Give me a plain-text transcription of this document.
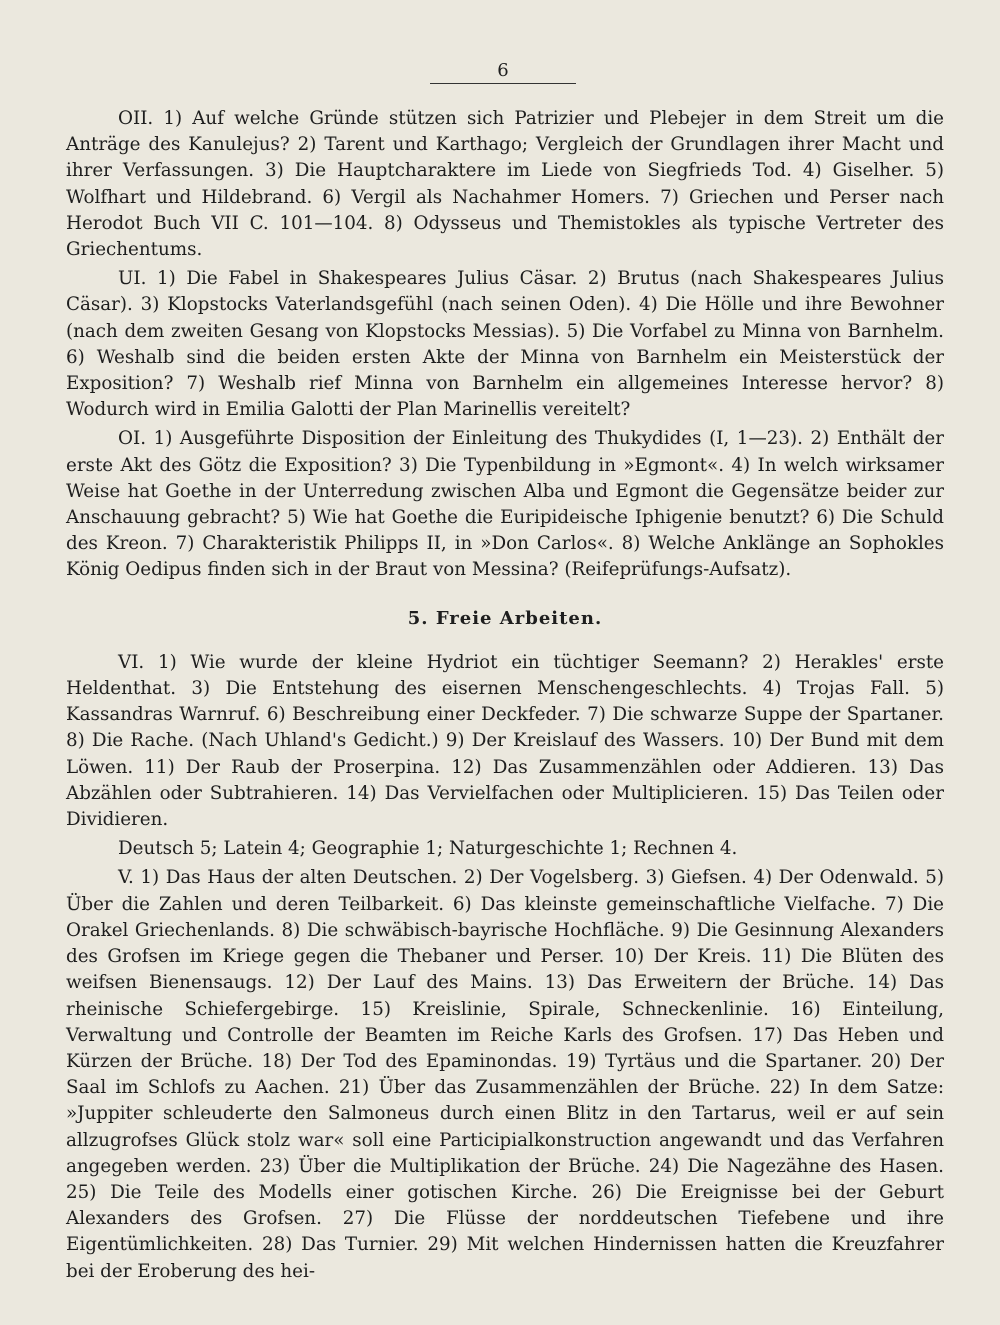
6

OII. 1) Auf welche Gründe stützen sich Patrizier und Plebejer in dem Streit um die Anträge des Kanulejus? 2) Tarent und Karthago; Vergleich der Grundlagen ihrer Macht und ihrer Verfassungen. 3) Die Hauptcharaktere im Liede von Siegfrieds Tod. 4) Giselher. 5) Wolfhart und Hildebrand. 6) Vergil als Nachahmer Homers. 7) Griechen und Perser nach Herodot Buch VII C. 101—104. 8) Odysseus und Themistokles als typische Vertreter des Griechentums.

UI. 1) Die Fabel in Shakespeares Julius Cäsar. 2) Brutus (nach Shakespeares Julius Cäsar). 3) Klopstocks Vaterlandsgefühl (nach seinen Oden). 4) Die Hölle und ihre Bewohner (nach dem zweiten Gesang von Klopstocks Messias). 5) Die Vorfabel zu Minna von Barnhelm. 6) Weshalb sind die beiden ersten Akte der Minna von Barnhelm ein Meisterstück der Exposition? 7) Weshalb rief Minna von Barnhelm ein allgemeines Interesse hervor? 8) Wodurch wird in Emilia Galotti der Plan Marinellis vereitelt?

OI. 1) Ausgeführte Disposition der Einleitung des Thukydides (I, 1—23). 2) Enthält der erste Akt des Götz die Exposition? 3) Die Typenbildung in »Egmont«. 4) In welch wirksamer Weise hat Goethe in der Unterredung zwischen Alba und Egmont die Gegensätze beider zur Anschauung gebracht? 5) Wie hat Goethe die Euripideische Iphigenie benutzt? 6) Die Schuld des Kreon. 7) Charakteristik Philipps II, in »Don Carlos«. 8) Welche Anklänge an Sophokles König Oedipus finden sich in der Braut von Messina? (Reifeprüfungs-Aufsatz).

5. Freie Arbeiten.

VI. 1) Wie wurde der kleine Hydriot ein tüchtiger Seemann? 2) Herakles' erste Heldenthat. 3) Die Entstehung des eisernen Menschengeschlechts. 4) Trojas Fall. 5) Kassandras Warnruf. 6) Beschreibung einer Deckfeder. 7) Die schwarze Suppe der Spartaner. 8) Die Rache. (Nach Uhland's Gedicht.) 9) Der Kreislauf des Wassers. 10) Der Bund mit dem Löwen. 11) Der Raub der Proserpina. 12) Das Zusammenzählen oder Addieren. 13) Das Abzählen oder Subtrahieren. 14) Das Vervielfachen oder Multiplicieren. 15) Das Teilen oder Dividieren.

Deutsch 5; Latein 4; Geographie 1; Naturgeschichte 1; Rechnen 4.

V. 1) Das Haus der alten Deutschen. 2) Der Vogelsberg. 3) Giefsen. 4) Der Odenwald. 5) Über die Zahlen und deren Teilbarkeit. 6) Das kleinste gemeinschaftliche Vielfache. 7) Die Orakel Griechenlands. 8) Die schwäbisch-bayrische Hochfläche. 9) Die Gesinnung Alexanders des Grofsen im Kriege gegen die Thebaner und Perser. 10) Der Kreis. 11) Die Blüten des weifsen Bienensaugs. 12) Der Lauf des Mains. 13) Das Erweitern der Brüche. 14) Das rheinische Schiefergebirge. 15) Kreislinie, Spirale, Schneckenlinie. 16) Einteilung, Verwaltung und Controlle der Beamten im Reiche Karls des Grofsen. 17) Das Heben und Kürzen der Brüche. 18) Der Tod des Epaminondas. 19) Tyrtäus und die Spartaner. 20) Der Saal im Schlofs zu Aachen. 21) Über das Zusammenzählen der Brüche. 22) In dem Satze: »Juppiter schleuderte den Salmoneus durch einen Blitz in den Tartarus, weil er auf sein allzugrofses Glück stolz war« soll eine Participialkonstruction angewandt und das Verfahren angegeben werden. 23) Über die Multiplikation der Brüche. 24) Die Nagezähne des Hasen. 25) Die Teile des Modells einer gotischen Kirche. 26) Die Ereignisse bei der Geburt Alexanders des Grofsen. 27) Die Flüsse der norddeutschen Tiefebene und ihre Eigentümlichkeiten. 28) Das Turnier. 29) Mit welchen Hindernissen hatten die Kreuzfahrer bei der Eroberung des hei-
